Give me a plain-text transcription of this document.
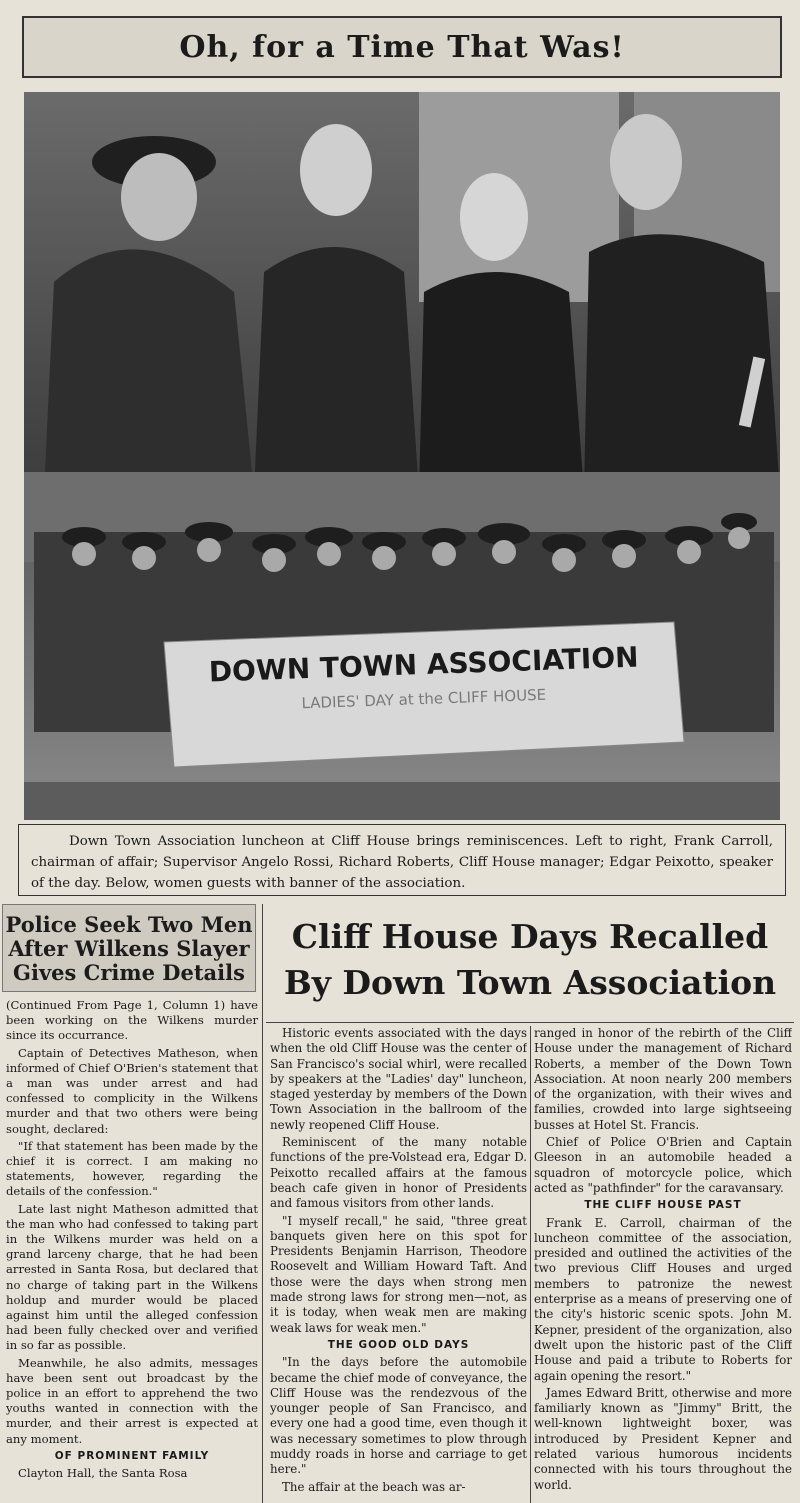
Oh, for a Time That Was!
DOWN TOWN ASSOCIATION
LADIES' DAY at the CLIFF HOUSE
Down Town Association luncheon at Cliff House brings reminiscences. Left to right, Frank Carroll, chairman of affair; Supervisor Angelo Rossi, Richard Roberts, Cliff House manager; Edgar Peixotto, speaker of the day. Below, women guests with banner of the association.
Police Seek Two Men
After Wilkens Slayer
Gives Crime Details

(Continued From Page 1, Column 1) have been working on the Wilkens murder since its occurrance.

Captain of Detectives Matheson, when informed of Chief O'Brien's statement that a man was under arrest and had confessed to complicity in the Wilkens murder and that two others were being sought, declared:

"If that statement has been made by the chief it is correct. I am making no statements, however, regarding the details of the confession."

Late last night Matheson admitted that the man who had confessed to taking part in the Wilkens murder was held on a grand larceny charge, that he had been arrested in Santa Rosa, but declared that no charge of taking part in the Wilkens holdup and murder would be placed against him until the alleged confession had been fully checked over and verified in so far as possible.

Meanwhile, he also admits, messages have been sent out broadcast by the police in an effort to apprehend the two youths wanted in connection with the murder, and their arrest is expected at any moment.

OF PROMINENT FAMILY

Clayton Hall, the Santa Rosa

Cliff House Days Recalled
By Down Town Association

Historic events associated with the days when the old Cliff House was the center of San Francisco's social whirl, were recalled by speakers at the "Ladies' day" luncheon, staged yesterday by members of the Down Town Association in the ballroom of the newly reopened Cliff House.

Reminiscent of the many notable functions of the pre-Volstead era, Edgar D. Peixotto recalled affairs at the famous beach cafe given in honor of Presidents and famous visitors from other lands.

"I myself recall," he said, "three great banquets given here on this spot for Presidents Benjamin Harrison, Theodore Roosevelt and William Howard Taft. And those were the days when strong men made strong laws for strong men—not, as it is today, when weak men are making weak laws for weak men."

THE GOOD OLD DAYS

"In the days before the automobile became the chief mode of conveyance, the Cliff House was the rendezvous of the younger people of San Francisco, and every one had a good time, even though it was necessary sometimes to plow through muddy roads in horse and carriage to get here."

The affair at the beach was ar-

ranged in honor of the rebirth of the Cliff House under the management of Richard Roberts, a member of the Down Town Association. At noon nearly 200 members of the organization, with their wives and families, crowded into large sightseeing busses at Hotel St. Francis.

Chief of Police O'Brien and Captain Gleeson in an automobile headed a squadron of motorcycle police, which acted as "pathfinder" for the caravansary.

THE CLIFF HOUSE PAST

Frank E. Carroll, chairman of the luncheon committee of the association, presided and outlined the activities of the two previous Cliff Houses and urged members to patronize the newest enterprise as a means of preserving one of the city's historic scenic spots. John M. Kepner, president of the organization, also dwelt upon the historic past of the Cliff House and paid a tribute to Roberts for again opening the resort."

James Edward Britt, otherwise and more familiarly known as "Jimmy" Britt, the well-known lightweight boxer, was introduced by President Kepner and related various humorous incidents connected with his tours throughout the world.
